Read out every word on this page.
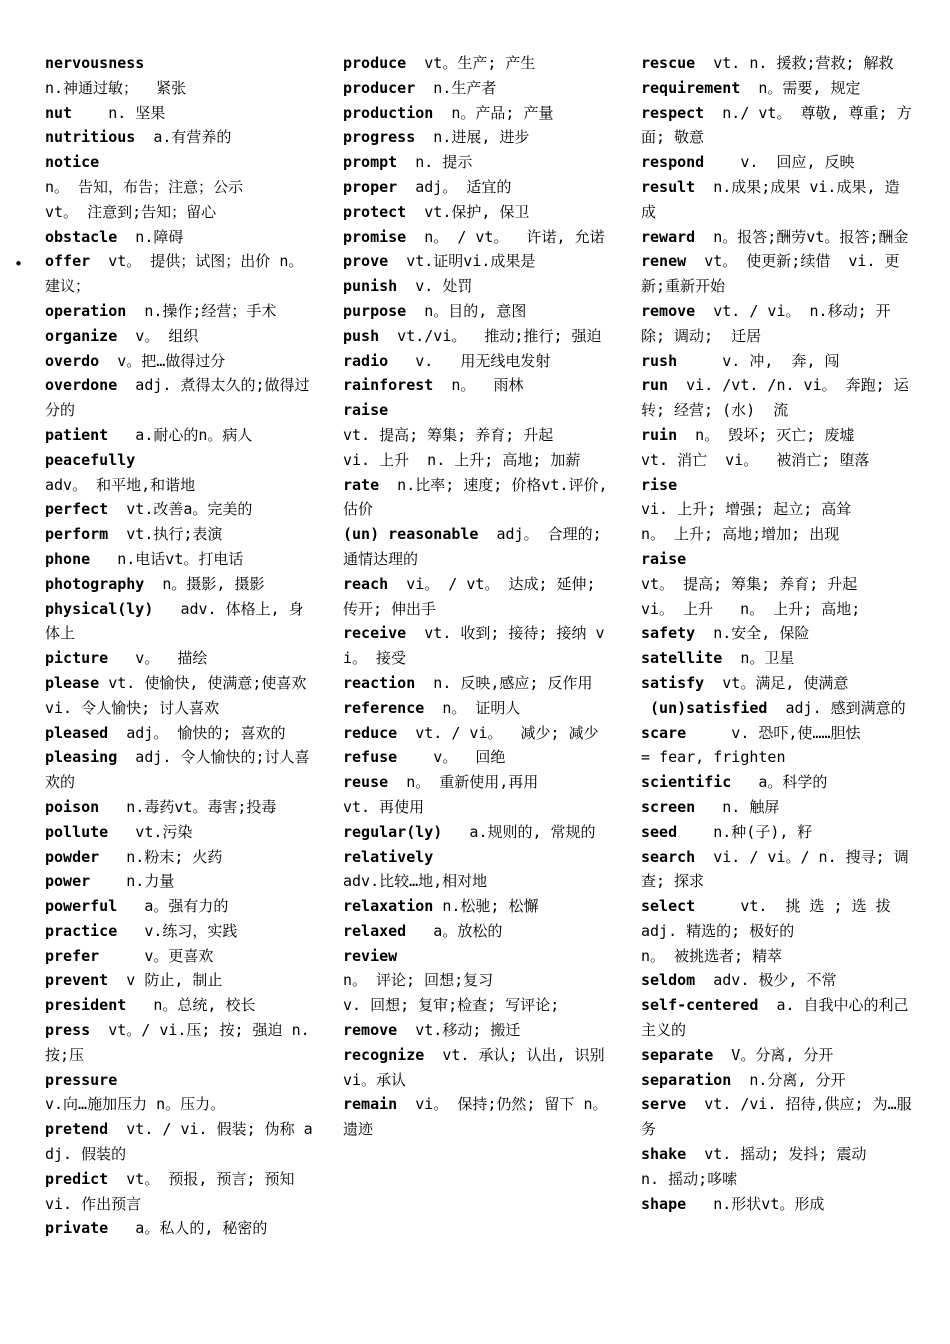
•
nervousness
n.神通过敏；  紧张
nut    n. 坚果
nutritious  a.有营养的
notice
n。 告知，布告；注意；公示
vt。 注意到;告知；留心
obstacle  n.障碍
offer  vt。 提供；试图；出价 n。 建议；
operation  n.操作;经营；手术
organize  v。 组织
overdo  v。把…做得过分
overdone  adj. 煮得太久的;做得过分的
patient   a.耐心的n。病人
peacefully
adv。 和平地,和谐地
perfect  vt.改善a。完美的
perform  vt.执行;表演
phone   n.电话vt。打电话
photography  n。摄影, 摄影
physical(ly)   adv. 体格上, 身体上
picture   v。  描绘
please vt. 使愉快, 使满意;使喜欢
vi. 令人愉快; 讨人喜欢
pleased  adj。 愉快的; 喜欢的
pleasing  adj. 令人愉快的;讨人喜欢的
poison   n.毒药vt。毒害;投毒
pollute   vt.污染
powder   n.粉末; 火药
power    n.力量
powerful   a。强有力的
practice   v.练习，实践
prefer     v。更喜欢
prevent  v 防止, 制止
president   n。总统, 校长
press  vt。/ vi.压; 按; 强迫 n. 按;压
pressure
v.向…施加压力 n。压力。
pretend  vt. / vi. 假装; 伪称 adj. 假装的
predict  vt。 预报, 预言; 预知  vi. 作出预言
private   a。私人的, 秘密的
produce  vt。生产; 产生
producer  n.生产者
production  n。产品; 产量
progress  n.进展, 进步
prompt  n. 提示
proper  adj。 适宜的
protect  vt.保护, 保卫
promise  n。 / vt。  许诺, 允诺
prove  vt.证明vi.成果是
punish  v. 处罚
purpose  n。目的, 意图
push  vt./vi。  推动;推行; 强迫
radio   v.   用无线电发射
rainforest  n。  雨林
raise
vt. 提高; 筹集; 养育; 升起
vi. 上升  n. 上升; 高地; 加薪
rate  n.比率; 速度; 价格vt.评价,估价
(un) reasonable  adj。 合理的; 通情达理的
reach  vi。 / vt。 达成; 延伸; 传开; 伸出手
receive  vt. 收到; 接待; 接纳 vi。 接受
reaction  n. 反映,感应; 反作用
reference  n。 证明人
reduce  vt. / vi。  减少; 减少
refuse    v。  回绝
reuse  n。 重新使用,再用
vt. 再使用
regular(ly)   a.规则的, 常规的
relatively
adv.比较…地,相对地
relaxation n.松驰; 松懈
relaxed   a。放松的
review
n。 评论; 回想;复习
v. 回想; 复审;检查; 写评论;
remove  vt.移动; 搬迁
recognize  vt. 承认; 认出, 识别  vi。承认
remain  vi。 保持;仍然; 留下 n。 遗迹
rescue  vt. n. 援救;营救; 解救
requirement  n。需要, 规定
respect  n./ vt。 尊敬, 尊重; 方面; 敬意
respond    v.  回应, 反映
result  n.成果;成果 vi.成果, 造成
reward  n。报答;酬劳vt。报答;酬金
renew  vt。 使更新;续借  vi. 更新;重新开始
remove  vt. / vi。 n.移动; 开除; 调动;  迁居
rush     v. 冲,  奔, 闯
run  vi. /vt. /n. vi。 奔跑; 运转; 经营; (水)  流
ruin  n。 毁坏; 灭亡; 废墟
vt. 消亡  vi。  被消亡; 堕落
rise
vi. 上升; 增强; 起立; 高耸
n。 上升; 高地;增加; 出现
raise
vt。 提高; 筹集; 养育; 升起
vi。 上升   n。 上升; 高地;
safety  n.安全, 保险
satellite  n。卫星
satisfy  vt。满足, 使满意
(un)satisfied  adj. 感到满意的
scare     v. 恐吓,使……胆怯
= fear, frighten
scientific   a。科学的
screen   n. 触屏
seed    n.种(子), 籽
search  vi. / vi。/ n. 搜寻; 调查; 探求
select     vt.  挑 选 ; 选 拔
adj. 精选的; 极好的
n。 被挑选者; 精萃
seldom  adv. 极少, 不常
self-centered  a. 自我中心的利己主义的
separate  V。分离, 分开
separation  n.分离, 分开
serve  vt. /vi. 招待,供应; 为…服务
shake  vt. 摇动; 发抖; 震动
n. 摇动;哆嗦
shape   n.形状vt。形成
